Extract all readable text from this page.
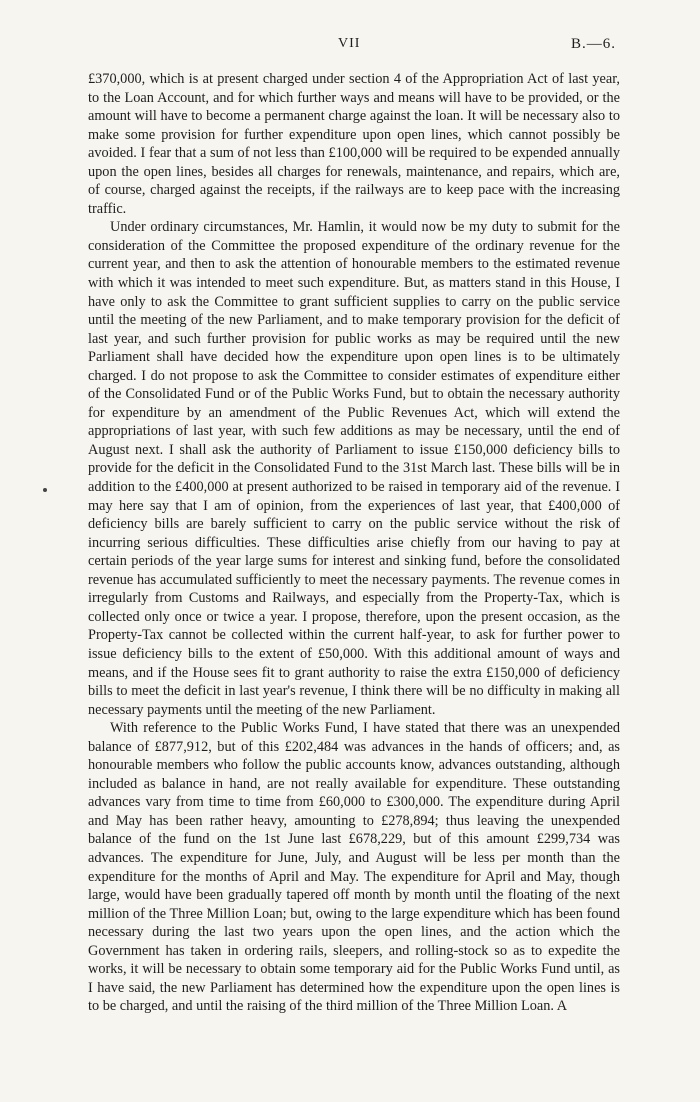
VII	B.—6.

£370,000, which is at present charged under section 4 of the Appropriation Act of last year, to the Loan Account, and for which further ways and means will have to be provided, or the amount will have to become a permanent charge against the loan. It will be necessary also to make some provision for further expenditure upon open lines, which cannot possibly be avoided. I fear that a sum of not less than £100,000 will be required to be expended annually upon the open lines, besides all charges for renewals, maintenance, and repairs, which are, of course, charged against the receipts, if the railways are to keep pace with the increasing traffic.

Under ordinary circumstances, Mr. Hamlin, it would now be my duty to submit for the consideration of the Committee the proposed expenditure of the ordinary revenue for the current year, and then to ask the attention of honourable members to the estimated revenue with which it was intended to meet such expenditure. But, as matters stand in this House, I have only to ask the Committee to grant sufficient supplies to carry on the public service until the meeting of the new Parliament, and to make temporary provision for the deficit of last year, and such further provision for public works as may be required until the new Parliament shall have decided how the expenditure upon open lines is to be ultimately charged. I do not propose to ask the Committee to consider estimates of expenditure either of the Consolidated Fund or of the Public Works Fund, but to obtain the necessary authority for expenditure by an amendment of the Public Revenues Act, which will extend the appropriations of last year, with such few additions as may be necessary, until the end of August next. I shall ask the authority of Parliament to issue £150,000 deficiency bills to provide for the deficit in the Consolidated Fund to the 31st March last. These bills will be in addition to the £400,000 at present authorized to be raised in temporary aid of the revenue. I may here say that I am of opinion, from the experiences of last year, that £400,000 of deficiency bills are barely sufficient to carry on the public service without the risk of incurring serious difficulties. These difficulties arise chiefly from our having to pay at certain periods of the year large sums for interest and sinking fund, before the consolidated revenue has accumulated sufficiently to meet the necessary payments. The revenue comes in irregularly from Customs and Railways, and especially from the Property-Tax, which is collected only once or twice a year. I propose, therefore, upon the present occasion, as the Property-Tax cannot be collected within the current half-year, to ask for further power to issue deficiency bills to the extent of £50,000. With this additional amount of ways and means, and if the House sees fit to grant authority to raise the extra £150,000 of deficiency bills to meet the deficit in last year's revenue, I think there will be no difficulty in making all necessary payments until the meeting of the new Parliament.

With reference to the Public Works Fund, I have stated that there was an unexpended balance of £877,912, but of this £202,484 was advances in the hands of officers; and, as honourable members who follow the public accounts know, advances outstanding, although included as balance in hand, are not really available for expenditure. These outstanding advances vary from time to time from £60,000 to £300,000. The expenditure during April and May has been rather heavy, amounting to £278,894; thus leaving the unexpended balance of the fund on the 1st June last £678,229, but of this amount £299,734 was advances. The expenditure for June, July, and August will be less per month than the expenditure for the months of April and May. The expenditure for April and May, though large, would have been gradually tapered off month by month until the floating of the next million of the Three Million Loan; but, owing to the large expenditure which has been found necessary during the last two years upon the open lines, and the action which the Government has taken in ordering rails, sleepers, and rolling-stock so as to expedite the works, it will be necessary to obtain some temporary aid for the Public Works Fund until, as I have said, the new Parliament has determined how the expenditure upon the open lines is to be charged, and until the raising of the third million of the Three Million Loan. A
